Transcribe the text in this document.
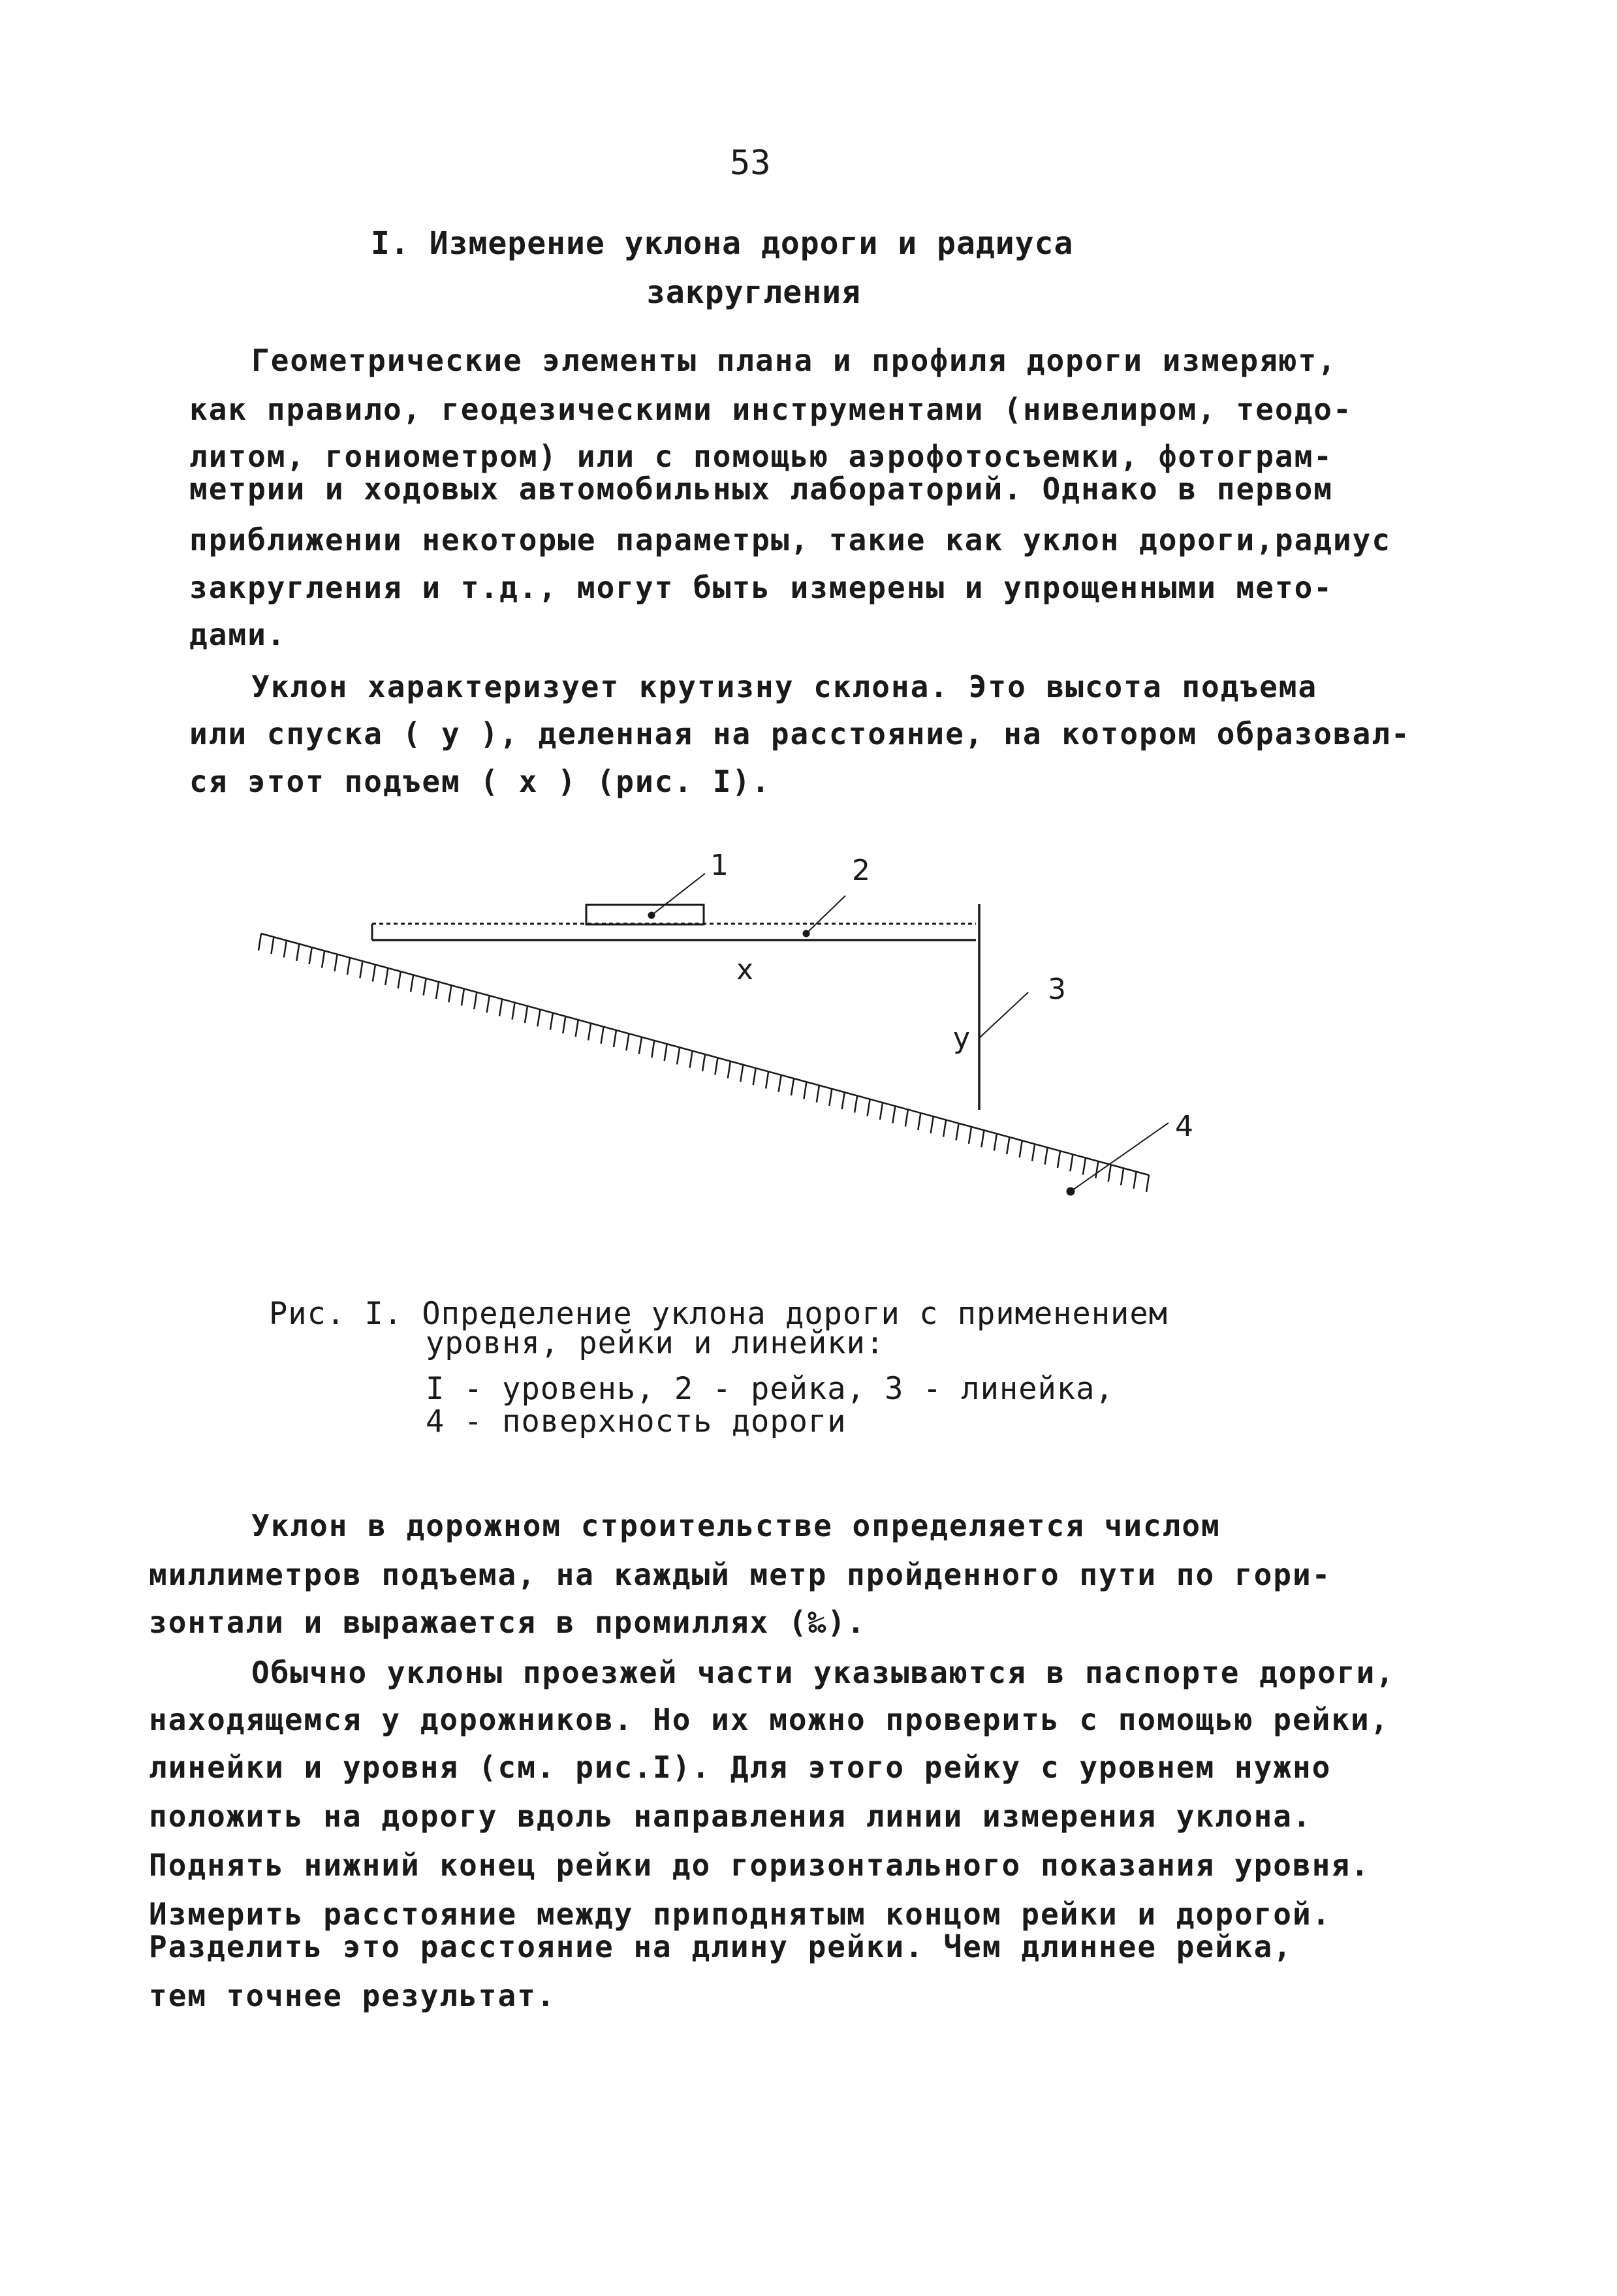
53
I. Измерение уклона дороги и радиуса
закругления
Геометрические элементы плана и профиля дороги измеряют,
как правило, геодезическими инструментами (нивелиром, теодо-
литом, гониометром) или с помощью аэрофотосъемки, фотограм-
метрии и ходовых автомобильных лабораторий. Однако в первом
приближении некоторые параметры, такие как уклон дороги,радиус
закругления и т.д., могут быть измерены и упрощенными мето-
дами.
Уклон характеризует крутизну склона. Это высота подъема
или спуска ( у ), деленная на расстояние, на котором образовал-
ся этот подъем ( х ) (рис. I).
1	2
3
4
х
у
Рис. I. Определение уклона дороги с применением
уровня, рейки и линейки:
I - уровень, 2 - рейка, 3 - линейка,
4 - поверхность дороги
Уклон в дорожном строительстве определяется числом
миллиметров подъема, на каждый метр пройденного пути по гори-
зонтали и выражается в промиллях (‰).
Обычно уклоны проезжей части указываются в паспорте дороги,
находящемся у дорожников. Но их можно проверить с помощью рейки,
линейки и уровня (см. рис.I). Для этого рейку с уровнем нужно
положить на дорогу вдоль направления линии измерения уклона.
Поднять нижний конец рейки до горизонтального показания уровня.
Измерить расстояние между приподнятым концом рейки и дорогой.
Разделить это расстояние на длину рейки. Чем длиннее рейка,
тем точнее результат.
